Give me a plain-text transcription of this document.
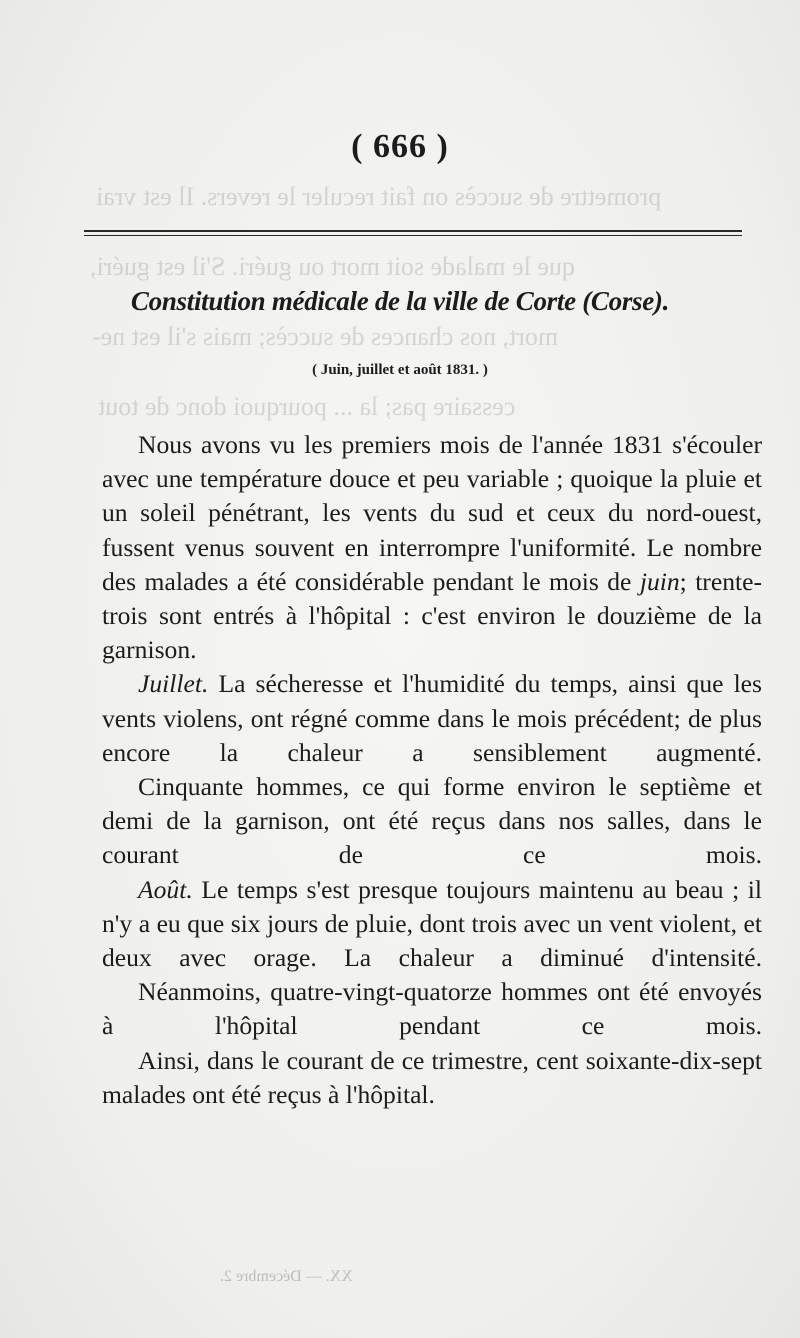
promettre de succès on fait reculer le revers. Il est vrai
que le malade soit mort ou guéri. S'il est guéri,
mort, nos chances de succès; mais s'il est ne-
cessaire pas; la ... pourquoi donc de tout
( 666 )
Constitution médicale de la ville de Corte (Corse).
( Juin, juillet et août 1831. )

Nous avons vu les premiers mois de l'année 1831 s'écouler avec une température douce et peu variable ; quoique la pluie et un soleil pénétrant, les vents du sud et ceux du nord-ouest, fussent venus souvent en interrompre l'uniformité. Le nombre des malades a été considérable pendant le mois de juin; trente-trois sont entrés à l'hôpital : c'est environ le douzième de la garnison.

Juillet. La sécheresse et l'humidité du temps, ainsi que les vents violens, ont régné comme dans le mois précédent; de plus encore la chaleur a sensiblement augmenté.

Cinquante hommes, ce qui forme environ le septième et demi de la garnison, ont été reçus dans nos salles, dans le courant de ce mois.

Août. Le temps s'est presque toujours maintenu au beau ; il n'y a eu que six jours de pluie, dont trois avec un vent violent, et deux avec orage. La chaleur a diminué d'intensité.

Néanmoins, quatre-vingt-quatorze hommes ont été envoyés à l'hôpital pendant ce mois.

Ainsi, dans le courant de ce trimestre, cent soixante-dix-sept malades ont été reçus à l'hôpital.

XX. — Décembre 2.
